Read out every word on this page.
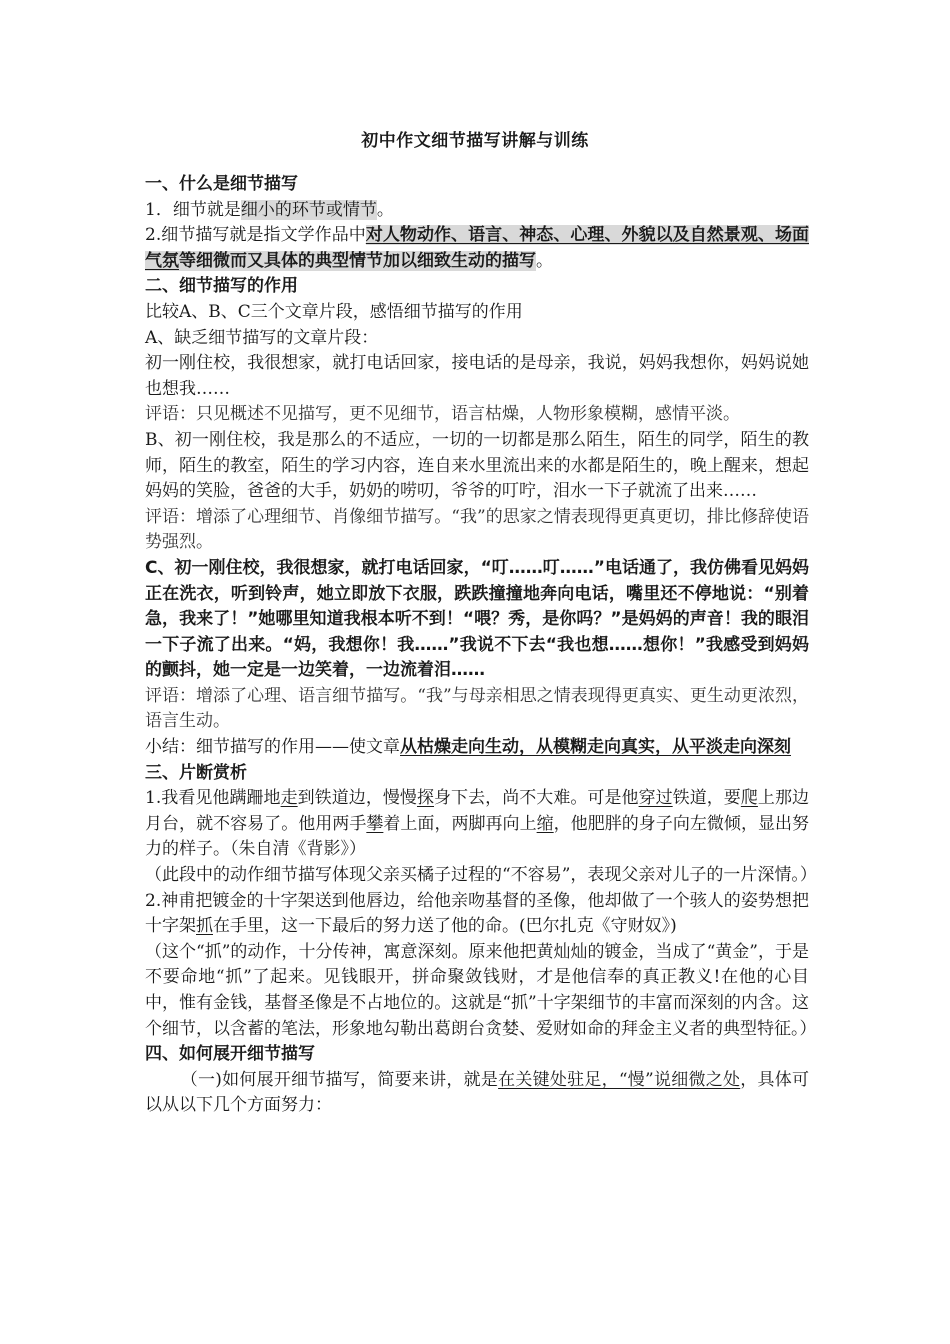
初中作文细节描写讲解与训练

一、什么是细节描写

1．细节就是细小的环节或情节。

2.细节描写就是指文学作品中对人物动作、语言、神态、心理、外貌以及自然景观、场面气氛等细微而又具体的典型情节加以细致生动的描写。

二、细节描写的作用

比较A、B、C三个文章片段，感悟细节描写的作用

A、缺乏细节描写的文章片段：

初一刚住校，我很想家，就打电话回家，接电话的是母亲，我说，妈妈我想你，妈妈说她也想我……

评语：只见概述不见描写，更不见细节，语言枯燥，人物形象模糊，感情平淡。

B、初一刚住校，我是那么的不适应，一切的一切都是那么陌生，陌生的同学，陌生的教师，陌生的教室，陌生的学习内容，连自来水里流出来的水都是陌生的，晚上醒来，想起妈妈的笑脸，爸爸的大手，奶奶的唠叨，爷爷的叮咛，泪水一下子就流了出来……

评语：增添了心理细节、肖像细节描写。“我”的思家之情表现得更真更切，排比修辞使语势强烈。

C、初一刚住校，我很想家，就打电话回家，“叮……叮……”电话通了，我仿佛看见妈妈正在洗衣，听到铃声，她立即放下衣服，跌跌撞撞地奔向电话，嘴里还不停地说：“别着急，我来了！”她哪里知道我根本听不到！“喂？秀，是你吗？”是妈妈的声音！我的眼泪一下子流了出来。“妈，我想你！我……”我说不下去“我也想……想你！”我感受到妈妈的颤抖，她一定是一边笑着，一边流着泪……

评语：增添了心理、语言细节描写。“我”与母亲相思之情表现得更真实、更生动更浓烈，语言生动。

小结：细节描写的作用——使文章从枯燥走向生动，从模糊走向真实，从平淡走向深刻

三、片断赏析

1.我看见他蹒跚地走到铁道边，慢慢探身下去，尚不大难。可是他穿过铁道，要爬上那边月台，就不容易了。他用两手攀着上面，两脚再向上缩，他肥胖的身子向左微倾，显出努力的样子。（朱自清《背影》）

（此段中的动作细节描写体现父亲买橘子过程的“不容易”，表现父亲对儿子的一片深情。）

2.神甫把镀金的十字架送到他唇边，给他亲吻基督的圣像，他却做了一个骇人的姿势想把十字架抓在手里，这一下最后的努力送了他的命。(巴尔扎克《守财奴》)

（这个“抓”的动作，十分传神，寓意深刻。原来他把黄灿灿的镀金，当成了“黄金”，于是不要命地“抓”了起来。见钱眼开，拼命聚敛钱财，才是他信奉的真正教义!在他的心目中，惟有金钱，基督圣像是不占地位的。这就是“抓”十字架细节的丰富而深刻的内含。这个细节，以含蓄的笔法，形象地勾勒出葛朗台贪婪、爱财如命的拜金主义者的典型特征。）

四、如何展开细节描写

（一)如何展开细节描写，简要来讲，就是在关键处驻足，“慢”说细微之处，具体可以从以下几个方面努力：
